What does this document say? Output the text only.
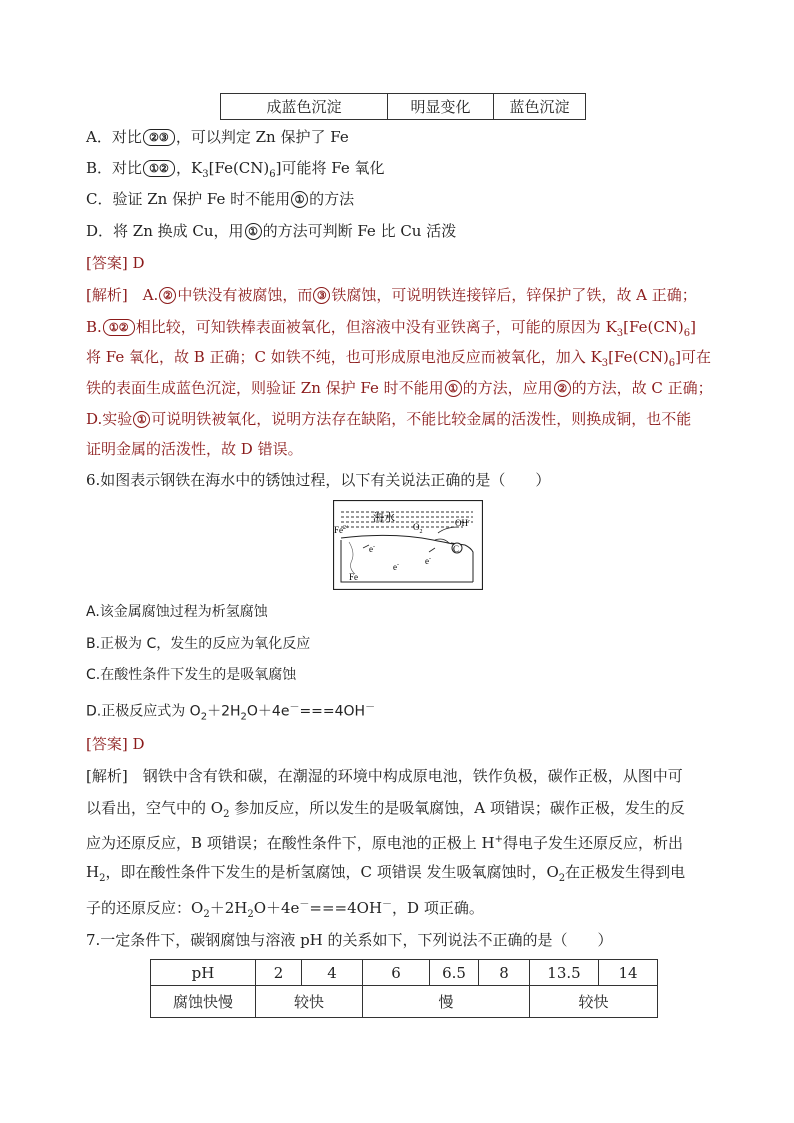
成蓝色沉淀	明显变化	蓝色沉淀
A．对比 ②③ ，可以判定 Zn 保护了 Fe
B．对比 ①② ，$K_3[Fe(CN)_6]$可能将 Fe 氧化
C．验证 Zn 保护 Fe 时不能用 ① 的方法
D．将 Zn 换成 Cu，用 ① 的方法可判断 Fe 比 Cu 活泼
[答案] D
[解析]　A. ② 中铁没有被腐蚀，而 ③ 铁腐蚀，可说明铁连接锌后，锌保护了铁，故 A 正确；
B. ①② 相比较，可知铁棒表面被氧化，但溶液中没有亚铁离子，可能的原因为 $K_3[Fe(CN)_6]$
将 Fe 氧化，故 B 正确；C 如铁不纯，也可形成原电池反应而被氧化，加入 $K_3[Fe(CN)_6]$可在
铁的表面生成蓝色沉淀，则验证 Zn 保护 Fe 时不能用 ① 的方法，应用 ② 的方法，故 C 正确；
D.实验 ① 可说明铁被氧化，说明方法存在缺陷，不能比较金属的活泼性，则换成铜，也不能
证明金属的活泼性，故 D 错误。
6.如图表示钢铁在海水中的锈蚀过程，以下有关说法正确的是（　　）
海水
$Fe^{2+}$	$O_2$
OH-
C
e-
e-	e-
Fe
A.该金属腐蚀过程为析氢腐蚀
B.正极为 C，发生的反应为氧化反应
C.在酸性条件下发生的是吸氧腐蚀
D.正极反应式为 $O_2+2H_2O+4e^-===4OH^-$
[答案] D
[解析]　钢铁中含有铁和碳，在潮湿的环境中构成原电池，铁作负极，碳作正极，从图中可
以看出，空气中的 $O_2$ 参加反应，所以发生的是吸氧腐蚀，A 项错误；碳作正极，发生的反
应为还原反应，B 项错误；在酸性条件下，原电池的正极上 H+得电子发生还原反应，析出
$H_2$，即在酸性条件下发生的是析氢腐蚀，C 项错误 发生吸氧腐蚀时，$O_2$在正极发生得到电
子的还原反应：$O_2+2H_2O+4e^-===4OH^-$，D 项正确。
7.一定条件下，碳钢腐蚀与溶液 pH 的关系如下，下列说法不正确的是（　　）
pH	2	4	6	6.5	8	13.5	14
腐蚀快慢	较快		慢			较快	
